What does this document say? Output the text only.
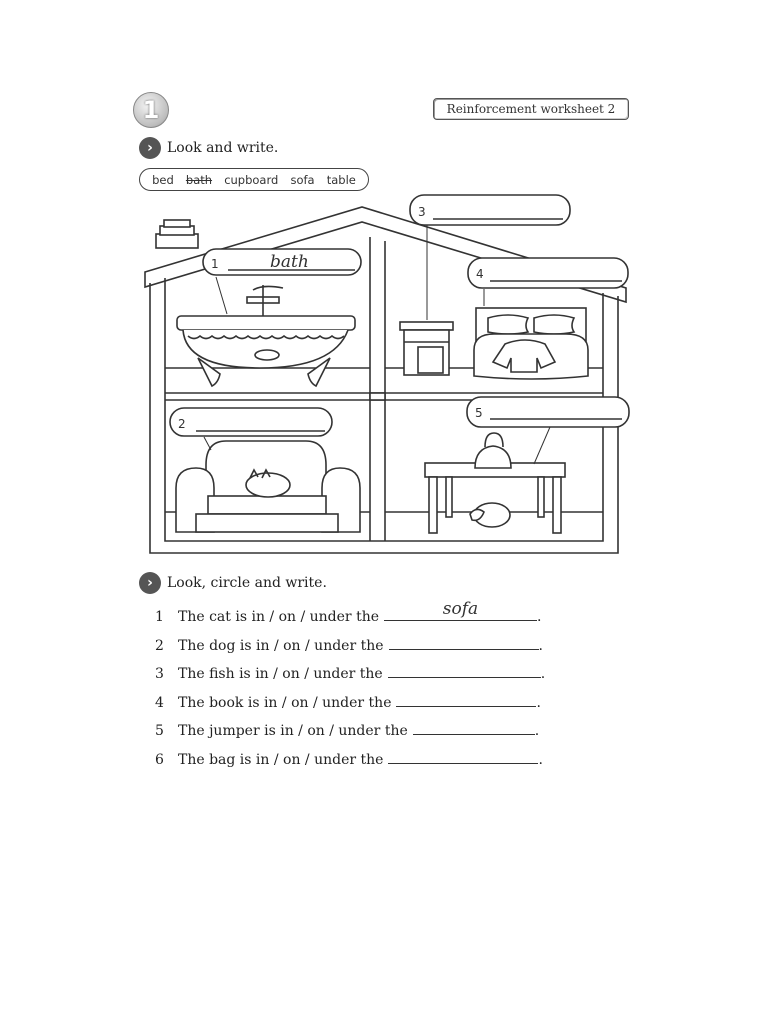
1	Reinforcement worksheet 2
›	Look and write.
bed bath cupboard sofa table
1	bath
2
3
4
5
›	Look, circle and write.
1	The cat is in / on / under the	sofa	.
2	The dog is in / on / under the	.
3	The fish is in / on / under the	.
4	The book is in / on / under the	.
5	The jumper is in / on / under the	.
6	The bag is in / on / under the	.
